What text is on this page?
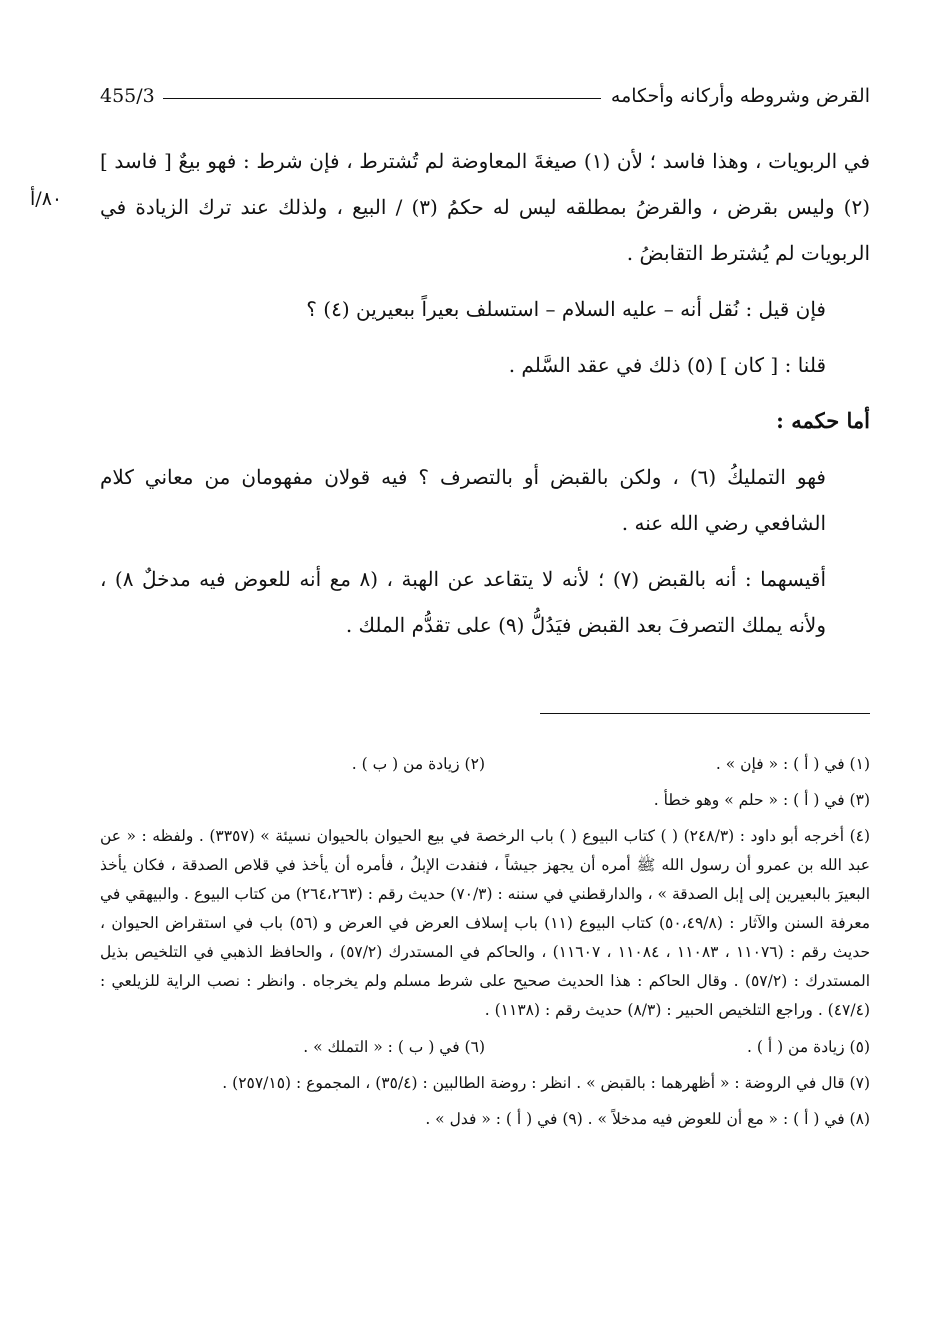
القرض وشروطه وأركانه وأحكامه
455/3
٨٠/أ

في الربويات ، وهذا فاسد ؛ لأن (١) صيغةَ المعاوضة لم تُشترط ، فإن شرط : فهو بيعٌ [ فاسد ] (٢) وليس بقرض ، والقرضُ بمطلقه ليس له حكمُ (٣) / البيع ، ولذلك عند ترك الزيادة في الربويات لم يُشترط التقابضُ .

فإن قيل : نُقل أنه – عليه السلام – استسلف بعيراً ببعيرين (٤) ؟

قلنا : [ كان ] (٥) ذلك في عقد السَّلم .

أما حكمه :

فهو التمليكُ (٦) ، ولكن بالقبض أو بالتصرف ؟ فيه قولان مفهومان من معاني كلام الشافعي رضي الله عنه .

أقيسهما : أنه بالقبض (٧) ؛ لأنه لا يتقاعد عن الهبة ، (٨ مع أنه للعوض فيه مدخلٌ ٨) ، ولأنه يملك التصرفَ بعد القبض فيَدُلُّ (٩) على تقدُّم الملك .

(١) في ( أ ) : « فإن » .
(٢) زيادة من ( ب ) .

(٣) في ( أ ) : « حلم » وهو خطأ .

(٤) أخرجه أبو داود : (٢٤٨/٣) ( ) كتاب البيوع ( ) باب الرخصة في بيع الحيوان بالحيوان نسيئة » (٣٣٥٧) . ولفظه : « عن عبد الله بن عمرو أن رسول الله ﷺ أمره أن يجهز جيشاً ، فنفدت الإبلُ ، فأمره أن يأخذ في قلاص الصدقة ، فكان يأخذ البعيرَ بالبعيرين إلى إبل الصدقة » ، والدارقطني في سننه : (٧٠/٣) حديث رقم : (٢٦٤،٢٦٣) من كتاب البيوع . والبيهقي في معرفة السنن والآثار : (٥٠،٤٩/٨) كتاب البيوع (١١) باب إسلاف العرض في العرض و (٥٦) باب في استقراض الحيوان ، حديث رقم : (١١٠٧٦ ، ١١٠٨٣ ، ١١٠٨٤ ، ١١٦٠٧) ، والحاكم في المستدرك (٥٧/٢) ، والحافظ الذهبي في التلخيص بذيل المستدرك : (٥٧/٢) . وقال الحاكم : هذا الحديث صحيح على شرط مسلم ولم يخرجاه . وانظر : نصب الراية للزيلعي : (٤٧/٤) . وراجع التلخيص الحبير : (٨/٣) حديث رقم : (١١٣٨) .

(٥) زيادة من ( أ ) .
(٦) في ( ب ) : « التملك » .

(٧) قال في الروضة : « أظهرهما : بالقبض » . انظر : روضة الطالبين : (٣٥/٤) ، المجموع : (٢٥٧/١٥) .

(٨) في ( أ ) : « مع أن للعوض فيه مدخلاً » . (٩) في ( أ ) : « فدل » .
